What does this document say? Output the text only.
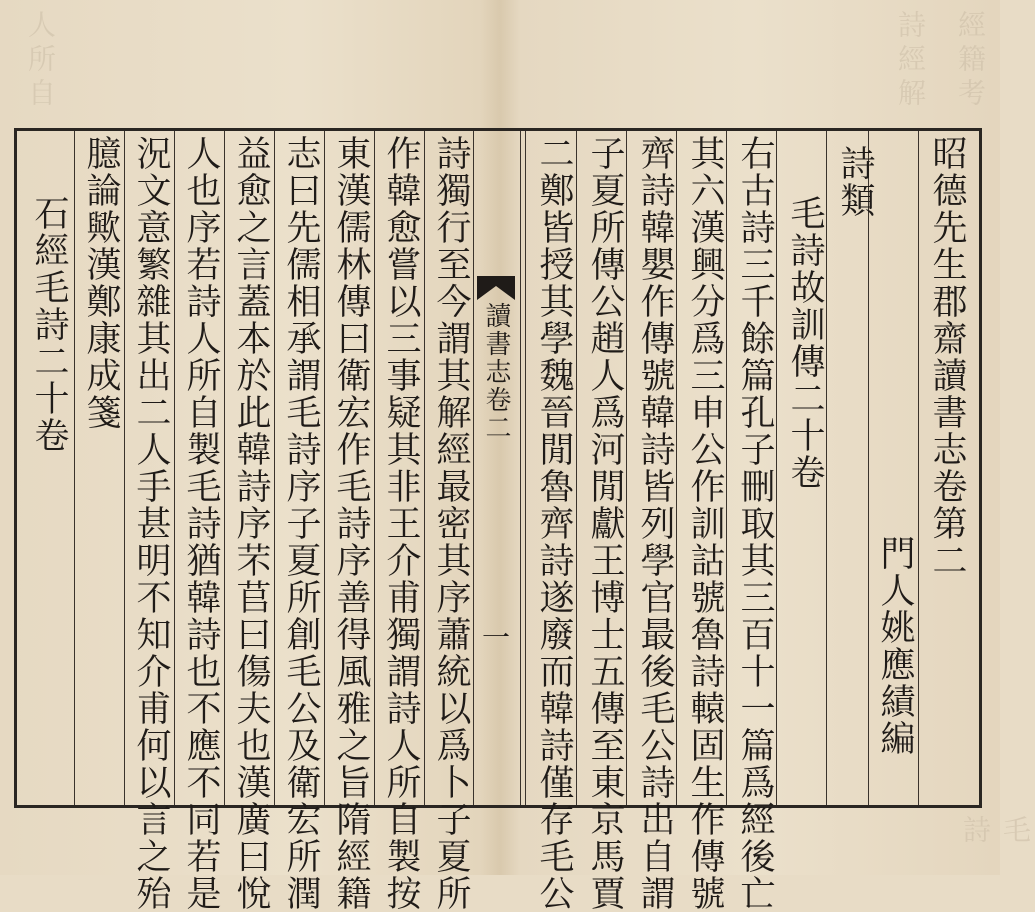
經籍考
詩經解
人所自
毛詩
讀書志卷二
一
昭德先生郡齋讀書志卷第二
門人姚應績編
詩類
毛詩故訓傳二十卷
右古詩三千餘篇孔子刪取其三百十一篇爲經後亡
其六漢興分爲三申公作訓詁號魯詩轅固生作傳號
齊詩韓嬰作傳號韓詩皆列學官最後毛公詩出自謂
子夏所傳公趙人爲河閒獻王博士五傳至東京馬賈
二鄭皆授其學魏晉閒魯齊詩遂廢而韓詩僅存毛公
詩獨行至今謂其解經最密其序蕭統以爲卜子夏所
作韓愈嘗以三事疑其非王介甫獨謂詩人所自製按
東漢儒林傳曰衛宏作毛詩序善得風雅之旨隋經籍
志曰先儒相承謂毛詩序子夏所創毛公及衛宏所潤
益愈之言蓋本於此韓詩序芣苢曰傷夫也漢廣曰悅
人也序若詩人所自製毛詩猶韓詩也不應不同若是
況文意繁雜其出二人手甚明不知介甫何以言之殆
臆論歟漢鄭康成箋
石經毛詩二十卷
